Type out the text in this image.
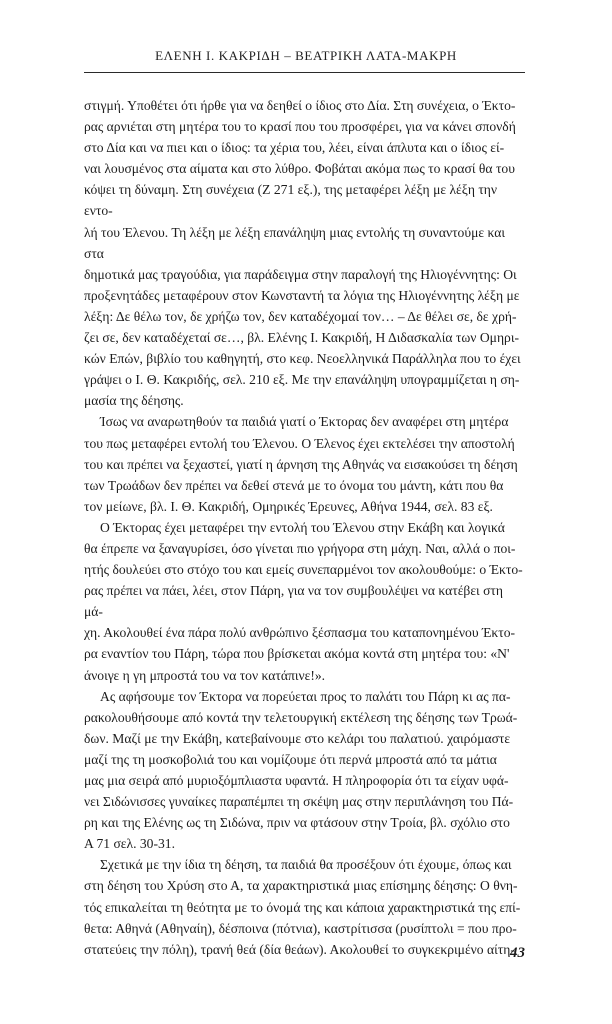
ΕΛΕΝΗ Ι. ΚΑΚΡΙΔΗ – ΒΕΑΤΡΙΚΗ ΛΑΤΑ-ΜΑΚΡΗ

στιγμή. Υποθέτει ότι ήρθε για να δεηθεί ο ίδιος στο Δία. Στη συνέχεια, ο Έκτο-
ρας αρνιέται στη μητέρα του το κρασί που του προσφέρει, για να κάνει σπονδή
στο Δία και να πιει και ο ίδιος: τα χέρια του, λέει, είναι άπλυτα και ο ίδιος εί-
ναι λουσμένος στα αίματα και στο λύθρο. Φοβάται ακόμα πως το κρασί θα του
κόψει τη δύναμη. Στη συνέχεια (Ζ 271 εξ.), της μεταφέρει λέξη με λέξη την εντο-
λή του Έλενου. Τη λέξη με λέξη επανάληψη μιας εντολής τη συναντούμε και στα
δημοτικά μας τραγούδια, για παράδειγμα στην παραλογή της Ηλιογέννητης: Οι
προξενητάδες μεταφέρουν στον Κωνσταντή τα λόγια της Ηλιογέννητης λέξη με
λέξη: Δε θέλω τον, δε χρήζω τον, δεν καταδέχομαί τον… – Δε θέλει σε, δε χρή-
ζει σε, δεν καταδέχεταί σε…, βλ. Ελένης Ι. Κακριδή, Η Διδασκαλία των Ομηρι-
κών Επών, βιβλίο του καθηγητή, στο κεφ. Νεοελληνικά Παράλληλα που το έχει
γράψει ο Ι. Θ. Κακριδής, σελ. 210 εξ. Με την επανάληψη υπογραμμίζεται η ση-
μασία της δέησης.

Ίσως να αναρωτηθούν τα παιδιά γιατί ο Έκτορας δεν αναφέρει στη μητέρα
του πως μεταφέρει εντολή του Έλενου. Ο Έλενος έχει εκτελέσει την αποστολή
του και πρέπει να ξεχαστεί, γιατί η άρνηση της Αθηνάς να εισακούσει τη δέηση
των Τρωάδων δεν πρέπει να δεθεί στενά με το όνομα του μάντη, κάτι που θα
τον μείωνε, βλ. Ι. Θ. Κακριδή, Ομηρικές Έρευνες, Αθήνα 1944, σελ. 83 εξ.

Ο Έκτορας έχει μεταφέρει την εντολή του Έλενου στην Εκάβη και λογικά
θα έπρεπε να ξαναγυρίσει, όσο γίνεται πιο γρήγορα στη μάχη. Ναι, αλλά ο ποι-
ητής δουλεύει στο στόχο του και εμείς συνεπαρμένοι τον ακολουθούμε: ο Έκτο-
ρας πρέπει να πάει, λέει, στον Πάρη, για να τον συμβουλέψει να κατέβει στη μά-
χη. Ακολουθεί ένα πάρα πολύ ανθρώπινο ξέσπασμα του καταπονημένου Έκτο-
ρα εναντίον του Πάρη, τώρα που βρίσκεται ακόμα κοντά στη μητέρα του: «Ν'
άνοιγε η γη μπροστά του να τον κατάπινε!».

Ας αφήσουμε τον Έκτορα να πορεύεται προς το παλάτι του Πάρη κι ας πα-
ρακολουθήσουμε από κοντά την τελετουργική εκτέλεση της δέησης των Τρωά-
δων. Μαζί με την Εκάβη, κατεβαίνουμε στο κελάρι του παλατιού. χαιρόμαστε
μαζί της τη μοσκοβολιά του και νομίζουμε ότι περνά μπροστά από τα μάτια
μας μια σειρά από μυριοξόμπλιαστα υφαντά. Η πληροφορία ότι τα είχαν υφά-
νει Σιδώνισσες γυναίκες παραπέμπει τη σκέψη μας στην περιπλάνηση του Πά-
ρη και της Ελένης ως τη Σιδώνα, πριν να φτάσουν στην Τροία, βλ. σχόλιο στο
Α 71 σελ. 30-31.

Σχετικά με την ίδια τη δέηση, τα παιδιά θα προσέξουν ότι έχουμε, όπως και
στη δέηση του Χρύση στο Α, τα χαρακτηριστικά μιας επίσημης δέησης: Ο θνη-
τός επικαλείται τη θεότητα με το όνομά της και κάποια χαρακτηριστικά της επί-
θετα: Αθηνά (Αθηναίη), δέσποινα (πότνια), καστρίτισσα (ρυσίπτολι = που προ-
στατεύεις την πόλη), τρανή θεά (δία θεάων). Ακολουθεί το συγκεκριμένο αίτη-

43
